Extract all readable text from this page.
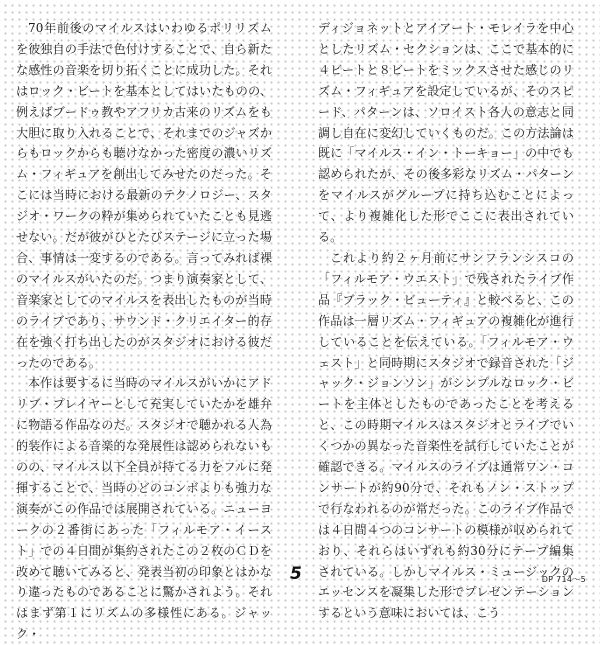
70年前後のマイルスはいわゆるポリリズムを彼独自の手法で色付けすることで、自ら新たな感性の音楽を切り拓くことに成功した。それはロック・ビートを基本としてはいたものの、例えばブードゥ教やアフリカ古来のリズムをも大胆に取り入れることで、それまでのジャズからもロックからも聴けなかった密度の濃いリズム・フィギュアを創出してみせたのだった。そこには当時における最新のテクノロジー、スタジオ・ワークの粋が集められていたことも見逃せない。だが彼がひとたびステージに立った場合、事情は一変するのである。言ってみれば裸のマイルスがいたのだ。つまり演奏家として、音楽家としてのマイルスを表出したものが当時のライブであり、サウンド・クリエイター的存在を強く打ち出したのがスタジオにおける彼だったのである。

本作は要するに当時のマイルスがいかにアドリブ・プレイヤーとして充実していたかを雄弁に物語る作品なのだ。スタジオで聴かれる人為的装作による音楽的な発展性は認められないものの、マイルス以下全員が持てる力をフルに発揮することで、当時のどのコンボよりも強力な演奏がこの作品では展開されている。ニューヨークの２番街にあった「フィルモア・イースト」での４日間が集約されたこの２枚のＣＤを改めて聴いてみると、発表当初の印象とはかなり違ったものであることに驚かされよう。それはまず第１にリズムの多様性にある。ジャック・

ディジョネットとアイアート・モレイラを中心としたリズム・セクションは、ここで基本的に４ビートと８ビートをミックスさせた感じのリズム・フィギュアを設定しているが、そのスピード、パターンは、ソロイスト各人の意志と同調し自在に変幻していくものだ。この方法論は既に「マイルス・イン・トーキョー」の中でも認められたが、その後多彩なリズム・パターンをマイルスがグループに持ち込むことによって、より複雑化した形でここに表出されている。

これより約２ヶ月前にサンフランシスコの「フィルモア・ウエスト」で残されたライブ作品『ブラック・ビューティ』と較べると、この作品は一層リズム・フィギュアの複雑化が進行していることを伝えている。「フィルモア・ウェスト」と同時期にスタジオで録音された「ジャック・ジョンソン」がシンプルなロック・ビートを主体としたものであったことを考えると、この時期マイルスはスタジオとライブでいくつかの異なった音楽性を試行していたことが確認できる。マイルスのライブは通常ワン・コンサートが約90分で、それもノン・ストップで行なわれるのが常だった。このライブ作品では４日間４つのコンサートの模様が収められており、それらはいずれも約30分にテープ編集されている。しかしマイルス・ミュージックのエッセンスを凝集した形でプレゼンテーションするという意味においては、こう

5	DP 714〜5
